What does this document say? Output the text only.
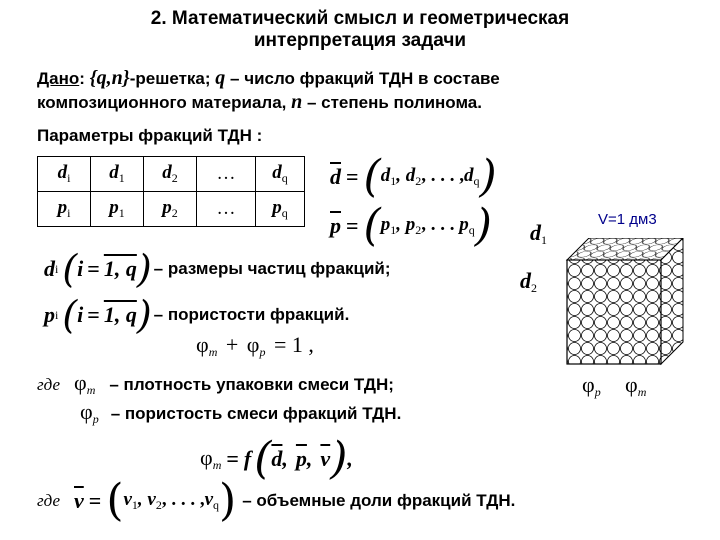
2. Математический смысл и геометрическая
интерпретация задачи
Дано: {q,n}-решетка; q – число фракций ТДН в составе
композиционного материала, n – степень полинома.
Параметры фракций ТДН :
$d_i$	$d_1$	$d_2$	…	$d_q$
$p_i$	$p_1$	$p_2$	…	$p_q$
$\overline{d}$ = ( $d_1$, $d_2$, . . . $,d_q$ )
$\overline{p}$ = ( $p_1$, $p_2$, . . . $p_q$ )	V=1 дм3
$d_1$
$d_2$
$\varphi_p$ $\varphi_m$
d i ( i = 1, q ) – размеры частиц фракций;
p i ( i = 1, q ) – пористости фракций.
$\varphi_m + \varphi_p = 1$ ,
где $\varphi_m$ – плотность упаковки смеси ТДН;
$\varphi_p$ – пористость смеси фракций ТДН.
$\varphi_m = f$ ( $\overline{d}$ , $\overline{p}$ , $\overline{v}$ ) ,
где $\overline{v}$ = ( $v_1$, $v_2$, . . . $,v_q$ ) – объемные доли фракций ТДН.
